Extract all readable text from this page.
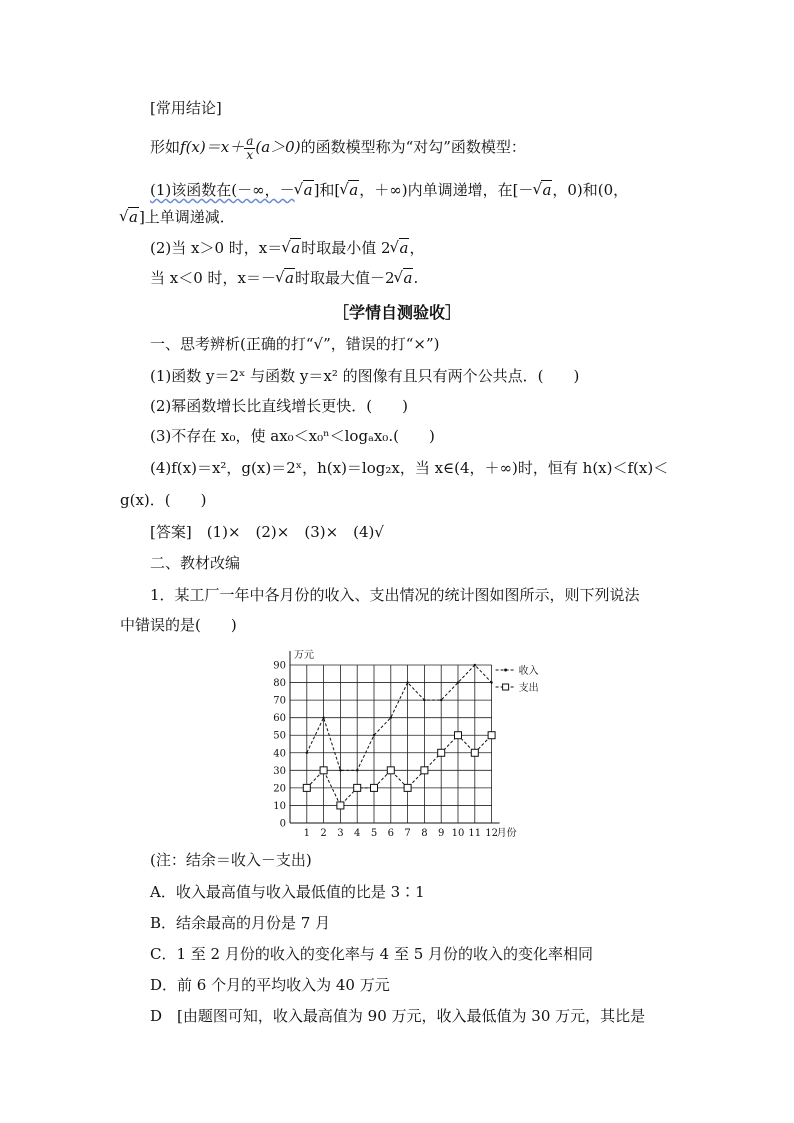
[常用结论]
形如$f(x)=x+ \frac{a}{x} (a>0)$的函数模型称为“对勾”函数模型：
(1)该函数在(－∞，－ √ a]和[ √ a，＋∞)内单调递增，在[－ √ a，0)和(0，
√ a]上单调递减．
(2)当 x＞0 时，x＝ √ a时取最小值 2 √ a，
当 x＜0 时，x＝－ √ a时取最大值－2 √ a.
［学情自测验收］
一、思考辨析(正确的打“√”，错误的打“×”)
(1)函数 y＝2ˣ 与函数 y＝x² 的图像有且只有两个公共点．(　　)
(2)幂函数增长比直线增长更快．(　　)
(3)不存在 x₀，使 ax₀＜x₀ⁿ＜logₐx₀.(　　)
(4)f(x)＝x²，g(x)＝2ˣ，h(x)＝log₂x，当 x∈(4，＋∞)时，恒有 h(x)＜f(x)＜
g(x)．(　　)
[答案]　(1)×　(2)×　(3)×　(4)√
二、教材改编
1．某工厂一年中各月份的收入、支出情况的统计图如图所示，则下列说法
中错误的是(　　)
0
10
20
30
40
50
60
70
80
90
1 2 3 4 5 6 7 8 9 10 11 12
万元
月份
收入
支出
(注：结余＝收入－支出)
A．收入最高值与收入最低值的比是 3∶1
B．结余最高的月份是 7 月
C．1 至 2 月份的收入的变化率与 4 至 5 月份的收入的变化率相同
D．前 6 个月的平均收入为 40 万元
D　[由题图可知，收入最高值为 90 万元，收入最低值为 30 万元，其比是
